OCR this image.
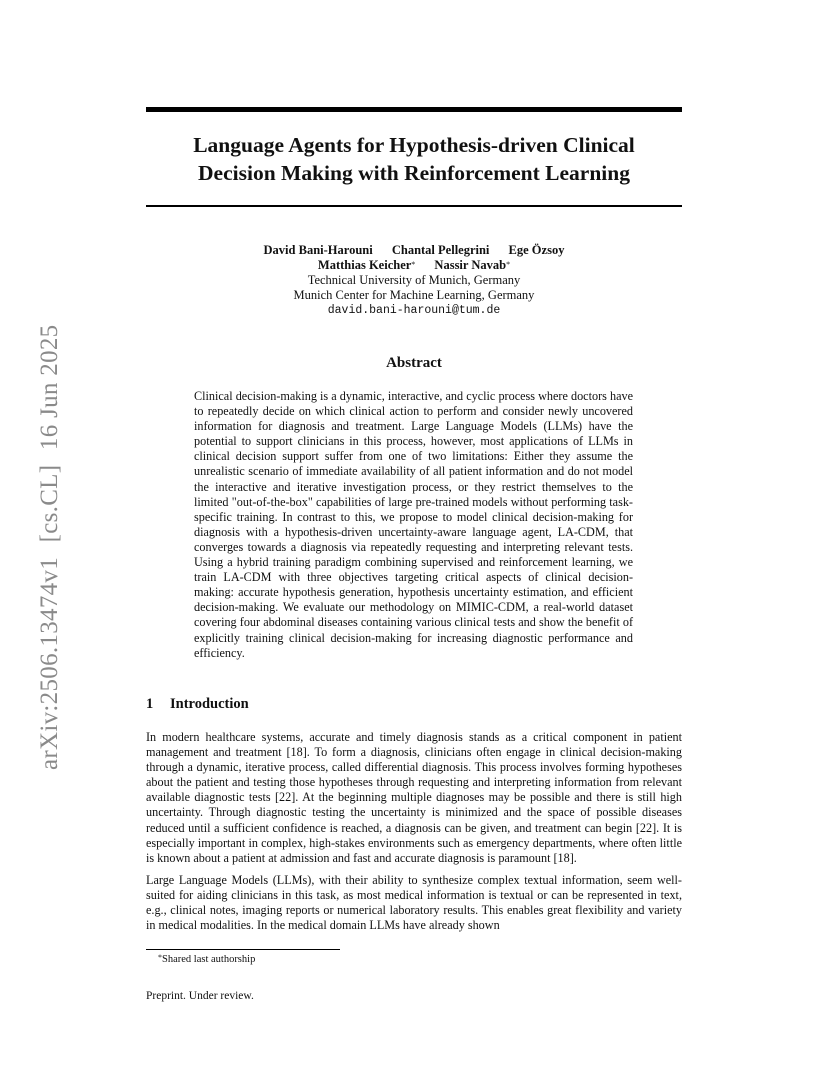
arXiv:2506.13474v1 [cs.CL] 16 Jun 2025
Language Agents for Hypothesis-driven Clinical
Decision Making with Reinforcement Learning
David Bani-Harouni Chantal Pellegrini Ege Özsoy
Matthias Keicher* Nassir Navab*
Technical University of Munich, Germany
Munich Center for Machine Learning, Germany
david.bani-harouni@tum.de
Abstract
Clinical decision-making is a dynamic, interactive, and cyclic process where doctors have to repeatedly decide on which clinical action to perform and consider newly uncovered information for diagnosis and treatment. Large Language Models (LLMs) have the potential to support clinicians in this process, however, most applications of LLMs in clinical decision support suffer from one of two limitations: Either they assume the unrealistic scenario of immediate availability of all patient information and do not model the interactive and iterative investigation process, or they restrict themselves to the limited "out-of-the-box" capabilities of large pre-trained models without performing task-specific training. In contrast to this, we propose to model clinical decision-making for diagnosis with a hypothesis-driven uncertainty-aware language agent, LA-CDM, that converges towards a diagnosis via repeatedly requesting and interpreting relevant tests. Using a hybrid training paradigm combining supervised and reinforcement learning, we train LA-CDM with three objectives targeting critical aspects of clinical decision-making: accurate hypothesis generation, hypothesis uncertainty estimation, and efficient decision-making. We evaluate our methodology on MIMIC-CDM, a real-world dataset covering four abdominal diseases containing various clinical tests and show the benefit of explicitly training clinical decision-making for increasing diagnostic performance and efficiency.
1 Introduction

In modern healthcare systems, accurate and timely diagnosis stands as a critical component in patient management and treatment [18]. To form a diagnosis, clinicians often engage in clinical decision-making through a dynamic, iterative process, called differential diagnosis. This process involves forming hypotheses about the patient and testing those hypotheses through requesting and interpreting information from relevant available diagnostic tests [22]. At the beginning multiple diagnoses may be possible and there is still high uncertainty. Through diagnostic testing the uncertainty is minimized and the space of possible diseases reduced until a sufficient confidence is reached, a diagnosis can be given, and treatment can begin [22]. It is especially important in complex, high-stakes environments such as emergency departments, where often little is known about a patient at admission and fast and accurate diagnosis is paramount [18].

Large Language Models (LLMs), with their ability to synthesize complex textual information, seem well-suited for aiding clinicians in this task, as most medical information is textual or can be represented in text, e.g., clinical notes, imaging reports or numerical laboratory results. This enables great flexibility and variety in medical modalities. In the medical domain LLMs have already shown

*Shared last authorship
Preprint. Under review.
